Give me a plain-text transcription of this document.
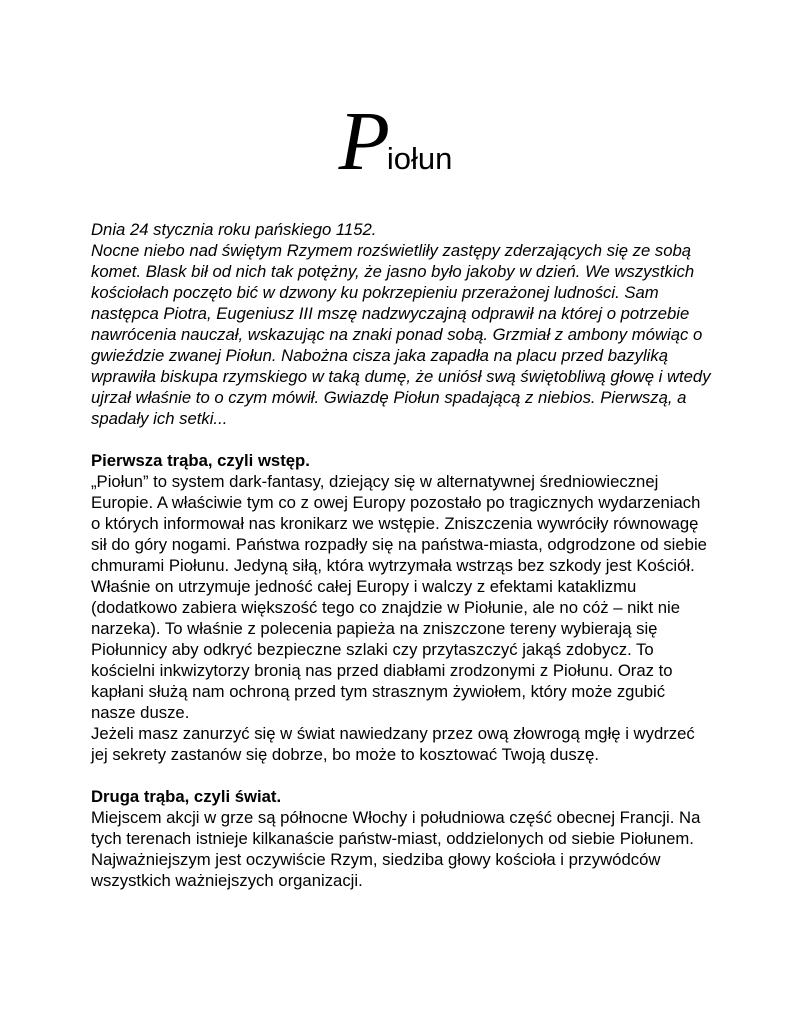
Piołun

Dnia 24 stycznia roku pańskiego 1152.

Nocne niebo nad świętym Rzymem rozświetliły zastępy zderzających się ze sobą komet. Blask bił od nich tak potężny, że jasno było jakoby w dzień. We wszystkich kościołach poczęto bić w dzwony ku pokrzepieniu przerażonej ludności. Sam następca Piotra, Eugeniusz III mszę nadzwyczajną odprawił na której o potrzebie nawrócenia nauczał, wskazując na znaki ponad sobą. Grzmiał z ambony mówiąc o gwieździe zwanej Piołun. Nabożna cisza jaka zapadła na placu przed bazyliką wprawiła biskupa rzymskiego w taką dumę, że uniósł swą świętobliwą głowę i wtedy ujrzał właśnie to o czym mówił. Gwiazdę Piołun spadającą z niebios. Pierwszą, a spadały ich setki...

Pierwsza trąba, czyli wstęp.

„Piołun” to system dark-fantasy, dziejący się w alternatywnej średniowiecznej Europie. A właściwie tym co z owej Europy pozostało po tragicznych wydarzeniach o których informował nas kronikarz we wstępie. Zniszczenia wywróciły równowagę sił do góry nogami. Państwa rozpadły się na państwa-miasta, odgrodzone od siebie chmurami Piołunu. Jedyną siłą, która wytrzymała wstrząs bez szkody jest Kościół. Właśnie on utrzymuje jedność całej Europy i walczy z efektami kataklizmu (dodatkowo zabiera większość tego co znajdzie w Piołunie, ale no cóż – nikt nie narzeka). To właśnie z polecenia papieża na zniszczone tereny wybierają się Piołunnicy aby odkryć bezpieczne szlaki czy przytaszczyć jakąś zdobycz. To kościelni inkwizytorzy bronią nas przed diabłami zrodzonymi z Piołunu. Oraz to kapłani służą nam ochroną przed tym strasznym żywiołem, który może zgubić nasze dusze.

Jeżeli masz zanurzyć się w świat nawiedzany przez ową złowrogą mgłę i wydrzeć jej sekrety zastanów się dobrze, bo może to kosztować Twoją duszę.

Druga trąba, czyli świat.

Miejscem akcji w grze są północne Włochy i południowa część obecnej Francji. Na tych terenach istnieje kilkanaście państw-miast, oddzielonych od siebie Piołunem. Najważniejszym jest oczywiście Rzym, siedziba głowy kościoła i przywódców wszystkich ważniejszych organizacji.
